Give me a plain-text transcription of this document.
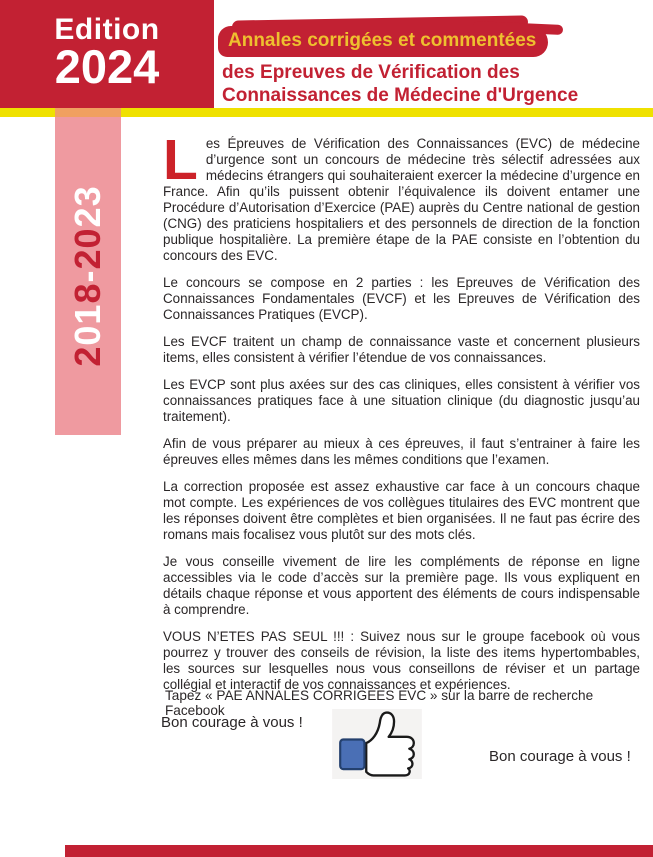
Edition
2024	Annales corrigées et commentées
des Epreuves de Vérification des
Connaissances de Médecine d'Urgence
2018-2023

Les Épreuves de Vérification des Connaissances (EVC) de médecine d’urgence sont un concours de médecine très sélectif adressées aux médecins étrangers qui souhaiteraient exercer la médecine d’urgence en France. Afin qu’ils puissent obtenir l’équivalence ils doivent entamer une Procédure d’Autorisation d’Exercice (PAE) auprès du Centre national de gestion (CNG) des praticiens hospitaliers et des personnels de direction de la fonction publique hospitalière. La première étape de la PAE consiste en l’obtention du concours des EVC.

Le concours se compose en 2 parties : les Epreuves de Vérification des Connaissances Fondamentales (EVCF) et les Epreuves de Vérification des Connaissances Pratiques (EVCP).

Les EVCF traitent un champ de connaissance vaste et concernent plusieurs items, elles consistent à vérifier l’étendue de vos connaissances.

Les EVCP sont plus axées sur des cas cliniques, elles consistent à vérifier vos connaissances pratiques face à une situation clinique (du diagnostic jusqu’au traitement).

Afin de vous préparer au mieux à ces épreuves, il faut s’entrainer à faire les épreuves elles mêmes dans les mêmes conditions que l’examen.

La correction proposée est assez exhaustive car face à un concours chaque mot compte. Les expériences de vos collègues titulaires des EVC montrent que les réponses doivent être complètes et bien organisées. Il ne faut pas écrire des romans mais focalisez vous plutôt sur des mots clés.

Je vous conseille vivement de lire les compléments de réponse en ligne accessibles via le code d’accès sur la première page. Ils vous expliquent en détails chaque réponse et vous apportent des éléments de cours indispensable à comprendre.

VOUS N’ETES PAS SEUL !!! : Suivez nous sur le groupe facebook où vous pourrez y trouver des conseils de révision, la liste des items hypertombables, les sources sur lesquelles nous vous conseillons de réviser et un partage collégial et interactif de vos connaissances et expériences.

Tapez « PAE ANNALES CORRIGEES EVC » sur la barre de recherche Facebook
Bon courage à vous !
Bon courage à vous !
